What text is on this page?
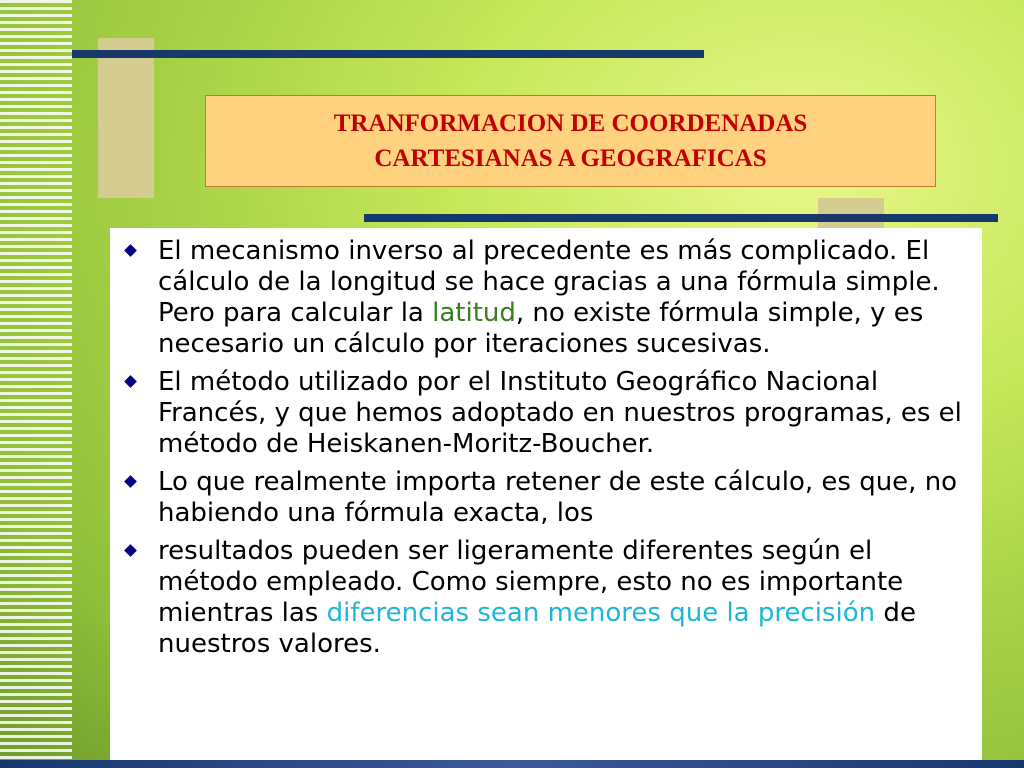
TRANFORMACION DE COORDENADAS
CARTESIANAS A GEOGRAFICAS
El mecanismo inverso al precedente es más complicado. El cálculo de la longitud se hace gracias a una fórmula simple. Pero para calcular la latitud, no existe fórmula simple, y es necesario un cálculo por iteraciones sucesivas.
El método utilizado por el Instituto Geográfico Nacional Francés, y que hemos adoptado en nuestros programas, es el método de Heiskanen-Moritz-Boucher.
Lo que realmente importa retener de este cálculo, es que, no habiendo una fórmula exacta, los
resultados pueden ser ligeramente diferentes según el método empleado. Como siempre, esto no es importante mientras las diferencias sean menores que la precisión de nuestros valores.
